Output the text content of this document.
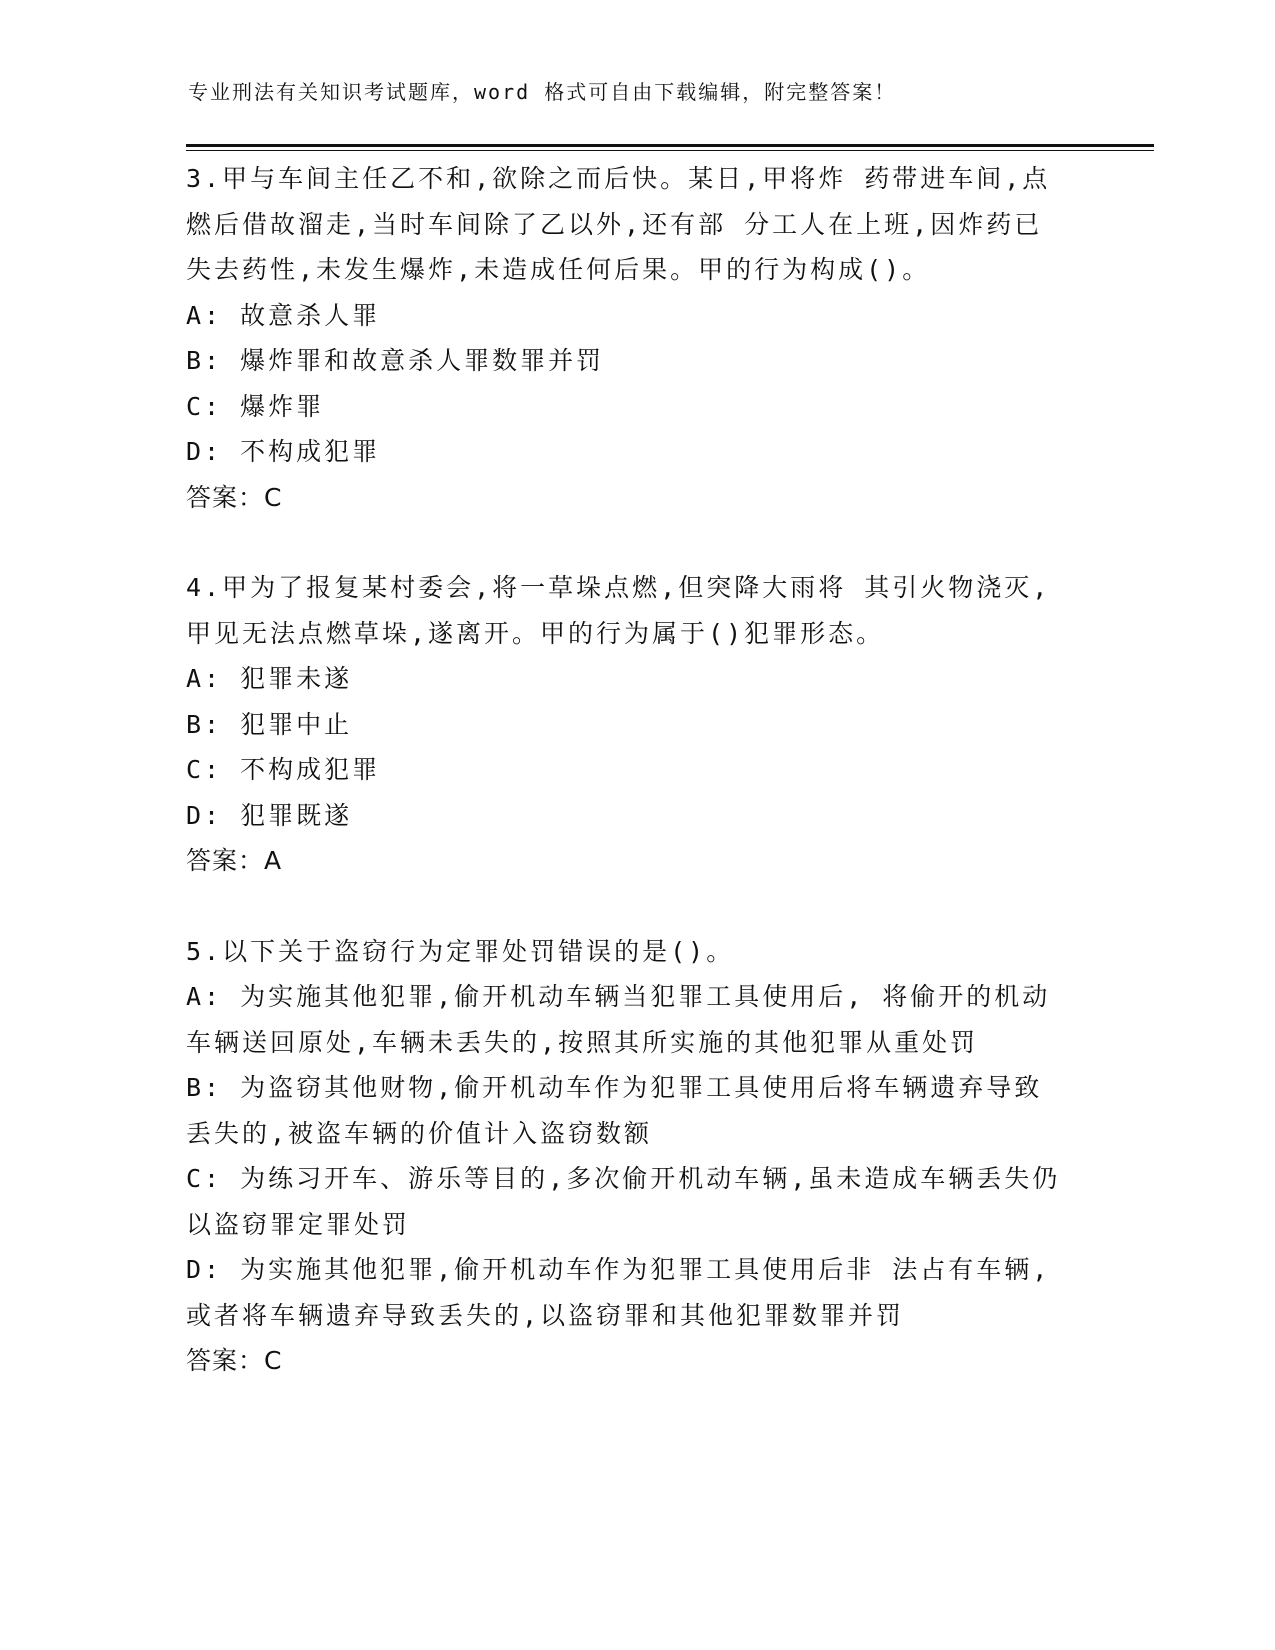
专业刑法有关知识考试题库，word 格式可自由下载编辑，附完整答案！
3.甲与车间主任乙不和,欲除之而后快。某日,甲将炸 药带进车间,点
燃后借故溜走,当时车间除了乙以外,还有部 分工人在上班,因炸药已
失去药性,未发生爆炸,未造成任何后果。甲的行为构成()。
A: 故意杀人罪
B: 爆炸罪和故意杀人罪数罪并罚
C: 爆炸罪
D: 不构成犯罪
答案：C
4.甲为了报复某村委会,将一草垛点燃,但突降大雨将 其引火物浇灭,
甲见无法点燃草垛,遂离开。甲的行为属于()犯罪形态。
A: 犯罪未遂
B: 犯罪中止
C: 不构成犯罪
D: 犯罪既遂
答案：A
5.以下关于盗窃行为定罪处罚错误的是()。
A: 为实施其他犯罪,偷开机动车辆当犯罪工具使用后, 将偷开的机动
车辆送回原处,车辆未丢失的,按照其所实施的其他犯罪从重处罚
B: 为盗窃其他财物,偷开机动车作为犯罪工具使用后将车辆遗弃导致
丢失的,被盗车辆的价值计入盗窃数额
C: 为练习开车、游乐等目的,多次偷开机动车辆,虽未造成车辆丢失仍
以盗窃罪定罪处罚
D: 为实施其他犯罪,偷开机动车作为犯罪工具使用后非 法占有车辆,
或者将车辆遗弃导致丢失的,以盗窃罪和其他犯罪数罪并罚
答案：C
